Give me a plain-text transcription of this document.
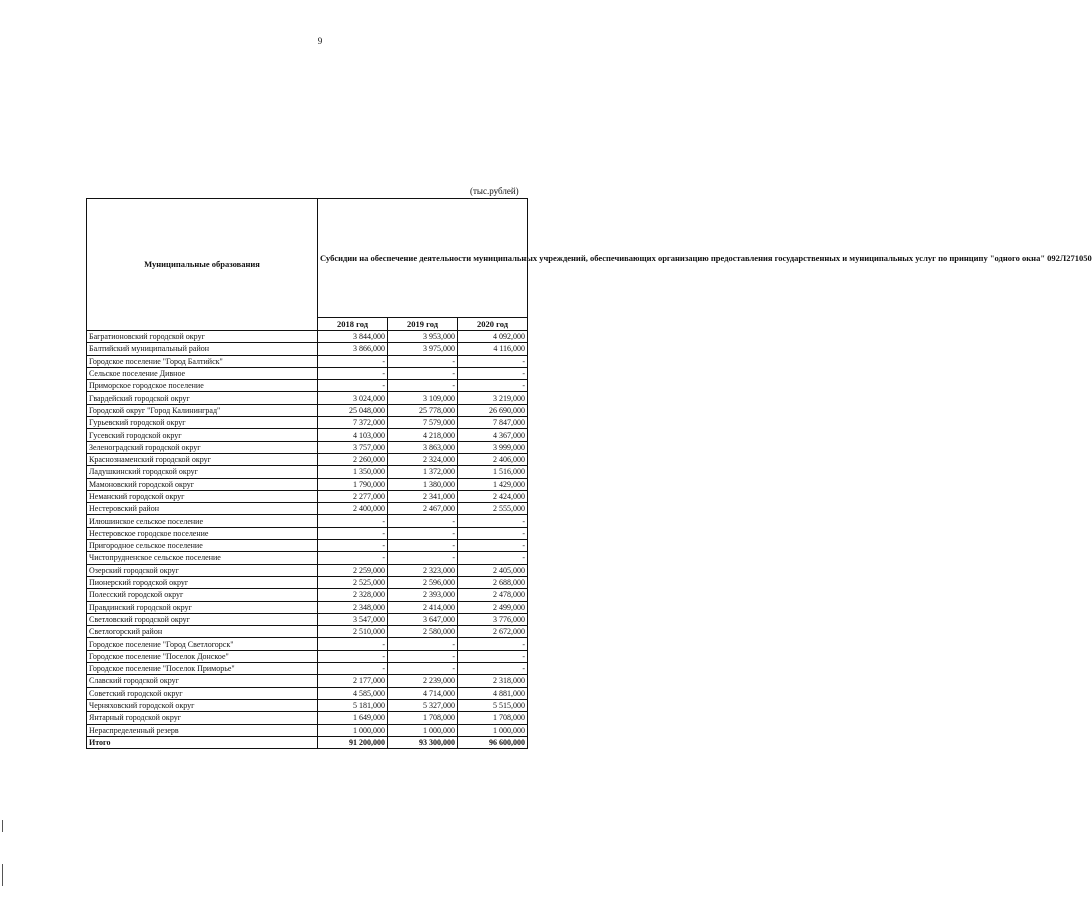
9
(тыс.рублей)
Муниципальные образования	Субсидии на обеспечение деятельности муниципальных учреждений, обеспечивающих организацию предоставления государственных и муниципальных услуг по принципу "одного окна" 092Л271050		
	2018 год	2019 год	2020 год
Багратионовский городской округ	3 844,000	3 953,000	4 092,000
Балтийский муниципальный район	3 866,000	3 975,000	4 116,000
Городское поселение "Город Балтийск"	-	-	-
Сельское поселение Дивное	-	-	-
Приморское городское поселение	-	-	-
Гвардейский городской округ	3 024,000	3 109,000	3 219,000
Городской округ "Город Калининград"	25 048,000	25 778,000	26 690,000
Гурьевский городской округ	7 372,000	7 579,000	7 847,000
Гусевский городской округ	4 103,000	4 218,000	4 367,000
Зеленоградский городской округ	3 757,000	3 863,000	3 999,000
Краснознаменский городской округ	2 260,000	2 324,000	2 406,000
Ладушкинский городской округ	1 350,000	1 372,000	1 516,000
Мамоновский городской округ	1 790,000	1 380,000	1 429,000
Неманский городской округ	2 277,000	2 341,000	2 424,000
Нестеровский район	2 400,000	2 467,000	2 555,000
Илюшинское сельское поселение	-	-	-
Нестеровское городское поселение	-	-	-
Пригородное сельское поселение	-	-	-
Чистопрудненское сельское поселение	-	-	-
Озерский городской округ	2 259,000	2 323,000	2 405,000
Пионерский городской округ	2 525,000	2 596,000	2 688,000
Полесский городской округ	2 328,000	2 393,000	2 478,000
Правдинский городской округ	2 348,000	2 414,000	2 499,000
Светловский городской округ	3 547,000	3 647,000	3 776,000
Светлогорский район	2 510,000	2 580,000	2 672,000
Городское поселение "Город Светлогорск"	-	-	-
Городское поселение "Поселок Донское"	-	-	-
Городское поселение "Поселок Приморье"	-	-	-
Славский городской округ	2 177,000	2 239,000	2 318,000
Советский городской округ	4 585,000	4 714,000	4 881,000
Черняховский городской округ	5 181,000	5 327,000	5 515,000
Янтарный городской округ	1 649,000	1 708,000	1 708,000
Нераспределенный резерв	1 000,000	1 000,000	1 000,000
Итого	91 200,000	93 300,000	96 600,000
